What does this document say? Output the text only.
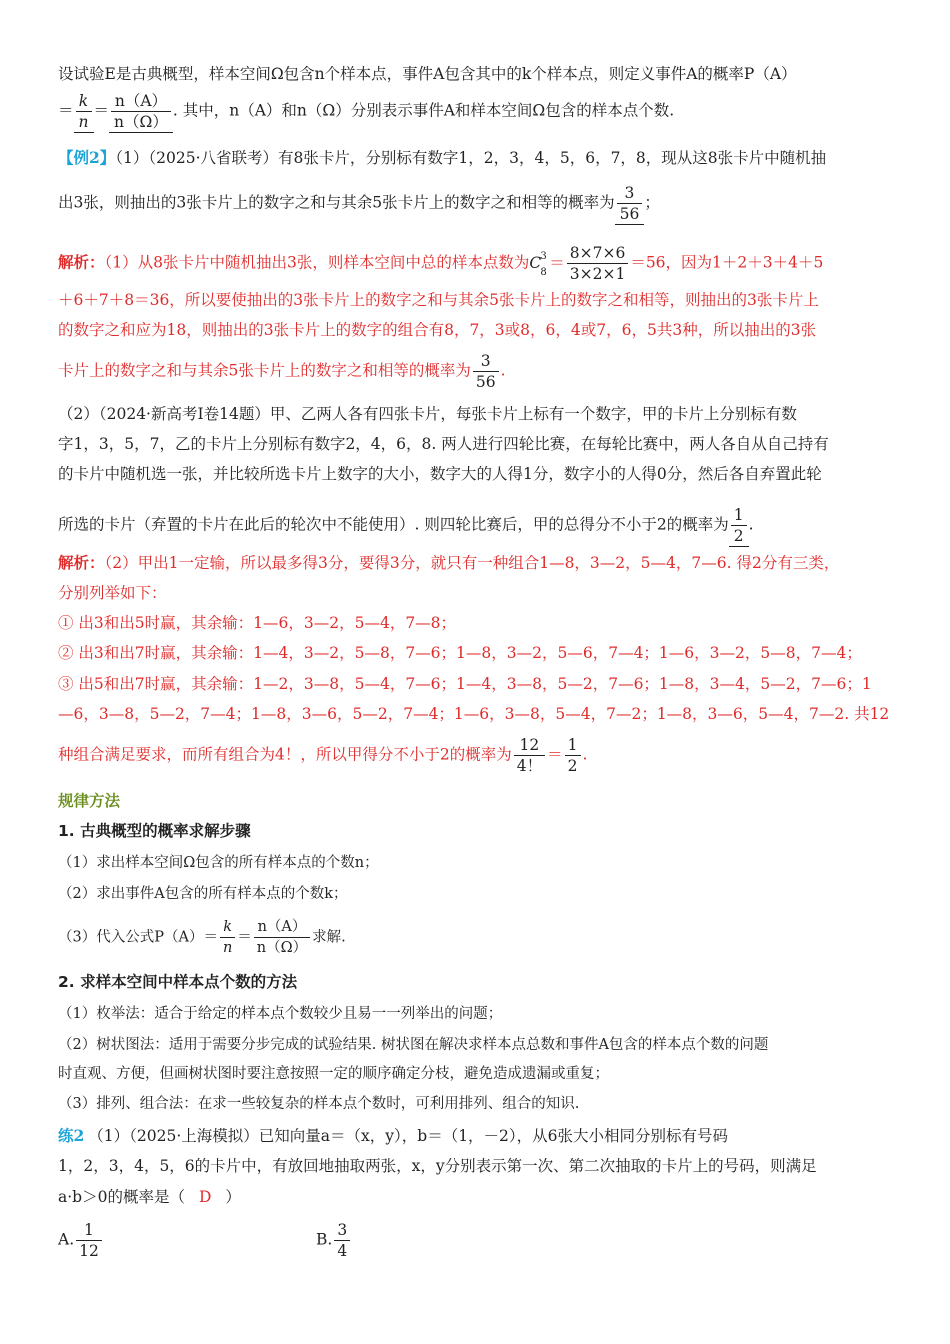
设试验E是古典概型，样本空间Ω包含n个样本点，事件A包含其中的k个样本点，则定义事件A的概率P（A）
＝ $\frac{k}{n} = \frac{n(A)}{n(\Omega)}$ . 其中，n（A）和n（Ω）分别表示事件A和样本空间Ω包含的样本点个数.
【例2】（1）（2025·八省联考）有8张卡片，分别标有数字1，2，3，4，5，6，7，8，现从这8张卡片中随机抽
出3张，则抽出的3张卡片上的数字之和与其余5张卡片上的数字之和相等的概率为 $\frac{3}{56}$ ；
解析：（1）从8张卡片中随机抽出3张，则样本空间中总的样本点数为C 3
8
＝ $\frac{8\times 7\times 6}{3\times 2\times 1} =56$，因为1＋2＋3＋4＋5
＋6＋7＋8＝36，所以要使抽出的3张卡片上的数字之和与其余5张卡片上的数字之和相等，则抽出的3张卡片上
的数字之和应为18，则抽出的3张卡片上的数字的组合有8，7，3或8，6，4或7，6，5共3种，所以抽出的3张
卡片上的数字之和与其余5张卡片上的数字之和相等的概率为 $\frac{3}{56}$ .
（2）（2024·新高考Ⅰ卷14题）甲、乙两人各有四张卡片，每张卡片上标有一个数字，甲的卡片上分别标有数
字1，3，5，7，乙的卡片上分别标有数字2，4，6，8. 两人进行四轮比赛，在每轮比赛中，两人各自从自己持有
的卡片中随机选一张，并比较所选卡片上数字的大小，数字大的人得1分，数字小的人得0分，然后各自弃置此轮
所选的卡片（弃置的卡片在此后的轮次中不能使用）. 则四轮比赛后，甲的总得分不小于2的概率为 $\frac{1}{2}$ .
解析：（2）甲出1一定输，所以最多得3分，要得3分，就只有一种组合1—8，3—2，5—4，7—6. 得2分有三类，
分别列举如下：
① 出3和出5时赢，其余输：1—6，3—2，5—4，7—8；
② 出3和出7时赢，其余输：1—4，3—2，5—8，7—6；1—8，3—2，5—6，7—4；1—6，3—2，5—8，7—4；
③ 出5和出7时赢，其余输：1—2，3—8，5—4，7—6；1—4，3—8，5—2，7—6；1—8，3—4，5—2，7—6；1
—6，3—8，5—2，7—4；1—8，3—6，5—2，7—4；1—6，3—8，5—4，7—2；1—8，3—6，5—4，7—2. 共12
种组合满足要求，而所有组合为4！，所以甲得分不小于2的概率为 $\frac{12}{4!} = \frac{1}{2}$ .
规律方法
1. 古典概型的概率求解步骤
（1）求出样本空间Ω包含的所有样本点的个数n；
（2）求出事件A包含的所有样本点的个数k；
（3）代入公式$P(A)= \frac{k}{n} = \frac{n(A)}{n(\Omega)}$ 求解.
2. 求样本空间中样本点个数的方法
（1）枚举法：适合于给定的样本点个数较少且易一一列举出的问题；
（2）树状图法：适用于需要分步完成的试验结果. 树状图在解决求样本点总数和事件A包含的样本点个数的问题
时直观、方便，但画树状图时要注意按照一定的顺序确定分枝，避免造成遗漏或重复；
（3）排列、组合法：在求一些较复杂的样本点个数时，可利用排列、组合的知识.
练2 （1）（2025·上海模拟）已知向量a＝（x，y），b＝（1，－2），从6张大小相同分别标有号码
1，2，3，4，5，6的卡片中，有放回地抽取两张，x，y分别表示第一次、第二次抽取的卡片上的号码，则满足
a·b＞0的概率是（ D ）
A. $\frac{1}{12}$	B. $\frac{3}{4}$
